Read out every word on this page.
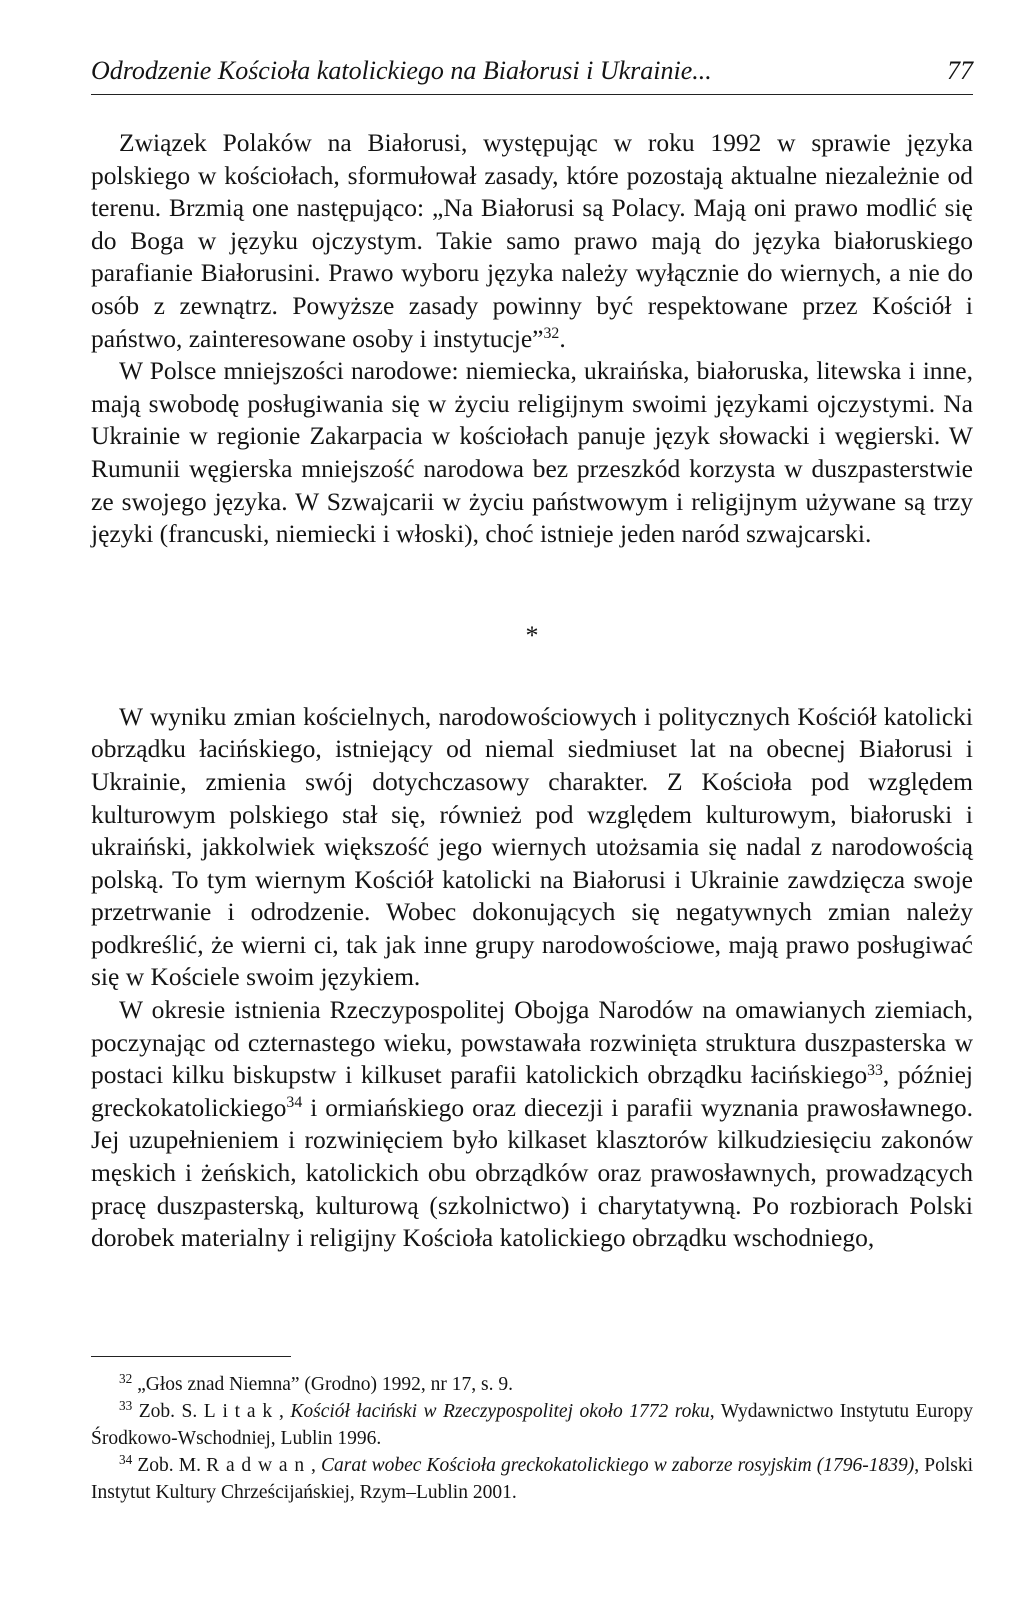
Odrodzenie Kościoła katolickiego na Białorusi i Ukrainie...	77

Związek Polaków na Białorusi, występując w roku 1992 w sprawie języka polskiego w kościołach, sformułował zasady, które pozostają aktualne niezależnie od terenu. Brzmią one następująco: „Na Białorusi są Polacy. Mają oni prawo modlić się do Boga w języku ojczystym. Takie samo prawo mają do języka białoruskiego parafianie Białorusini. Prawo wyboru języka należy wyłącznie do wiernych, a nie do osób z zewnątrz. Powyższe zasady powinny być respektowane przez Kościół i państwo, zainteresowane osoby i instytucje”$^{32}$.

W Polsce mniejszości narodowe: niemiecka, ukraińska, białoruska, litewska i inne, mają swobodę posługiwania się w życiu religijnym swoimi językami ojczystymi. Na Ukrainie w regionie Zakarpacia w kościołach panuje język słowacki i węgierski. W Rumunii węgierska mniejszość narodowa bez przeszkód korzysta w duszpasterstwie ze swojego języka. W Szwajcarii w życiu państwowym i religijnym używane są trzy języki (francuski, niemiecki i włoski), choć istnieje jeden naród szwajcarski.

*

W wyniku zmian kościelnych, narodowościowych i politycznych Kościół katolicki obrządku łacińskiego, istniejący od niemal siedmiuset lat na obecnej Białorusi i Ukrainie, zmienia swój dotychczasowy charakter. Z Kościoła pod względem kulturowym polskiego stał się, również pod względem kulturowym, białoruski i ukraiński, jakkolwiek większość jego wiernych utożsamia się nadal z narodowością polską. To tym wiernym Kościół katolicki na Białorusi i Ukrainie zawdzięcza swoje przetrwanie i odrodzenie. Wobec dokonujących się negatywnych zmian należy podkreślić, że wierni ci, tak jak inne grupy narodowościowe, mają prawo posługiwać się w Kościele swoim językiem.

W okresie istnienia Rzeczypospolitej Obojga Narodów na omawianych ziemiach, poczynając od czternastego wieku, powstawała rozwinięta struktura duszpasterska w postaci kilku biskupstw i kilkuset parafii katolickich obrządku łacińskiego$^{33}$, później greckokatolickiego$^{34}$ i ormiańskiego oraz diecezji i parafii wyznania prawosławnego. Jej uzupełnieniem i rozwinięciem było kilkaset klasztorów kilkudziesięciu zakonów męskich i żeńskich, katolickich obu obrządków oraz prawosławnych, prowadzących pracę duszpasterską, kulturową (szkolnictwo) i charytatywną. Po rozbiorach Polski dorobek materialny i religijny Kościoła katolickiego obrządku wschodniego,

$^{32}$ „Głos znad Niemna” (Grodno) 1992, nr 17, s. 9.

$^{33}$ Zob. S. Litak, Kościół łaciński w Rzeczypospolitej około 1772 roku, Wydawnictwo Instytutu Europy Środkowo-Wschodniej, Lublin 1996.

$^{34}$ Zob. M. Radwan, Carat wobec Kościoła greckokatolickiego w zaborze rosyjskim (1796-1839), Polski Instytut Kultury Chrześcijańskiej, Rzym–Lublin 2001.
